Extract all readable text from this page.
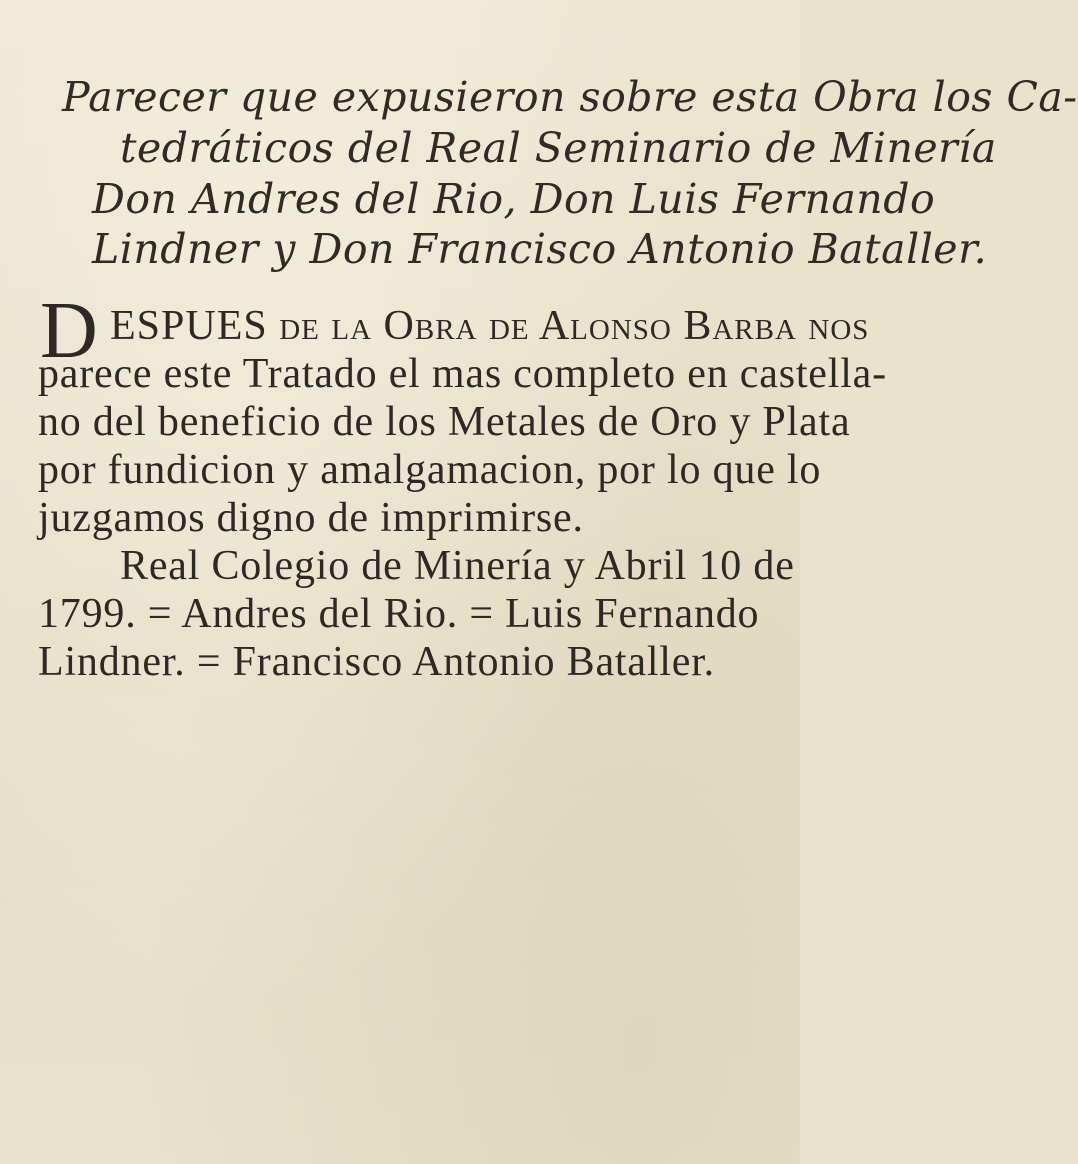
Parecer que expusieron sobre esta Obra los Ca-
tedráticos del Real Seminario de Minería
Don Andres del Rio, Don Luis Fernando
Lindner y Don Francisco Antonio Bataller.
D ESPUES de la Obra de Alonso Barba nos
parece este Tratado el mas completo en castella-
no del beneficio de los Metales de Oro y Plata
por fundicion y amalgamacion, por lo que lo
juzgamos digno de imprimirse.
Real Colegio de Minería y Abril 10 de
1799. = Andres del Rio. = Luis Fernando
Lindner. = Francisco Antonio Bataller.
